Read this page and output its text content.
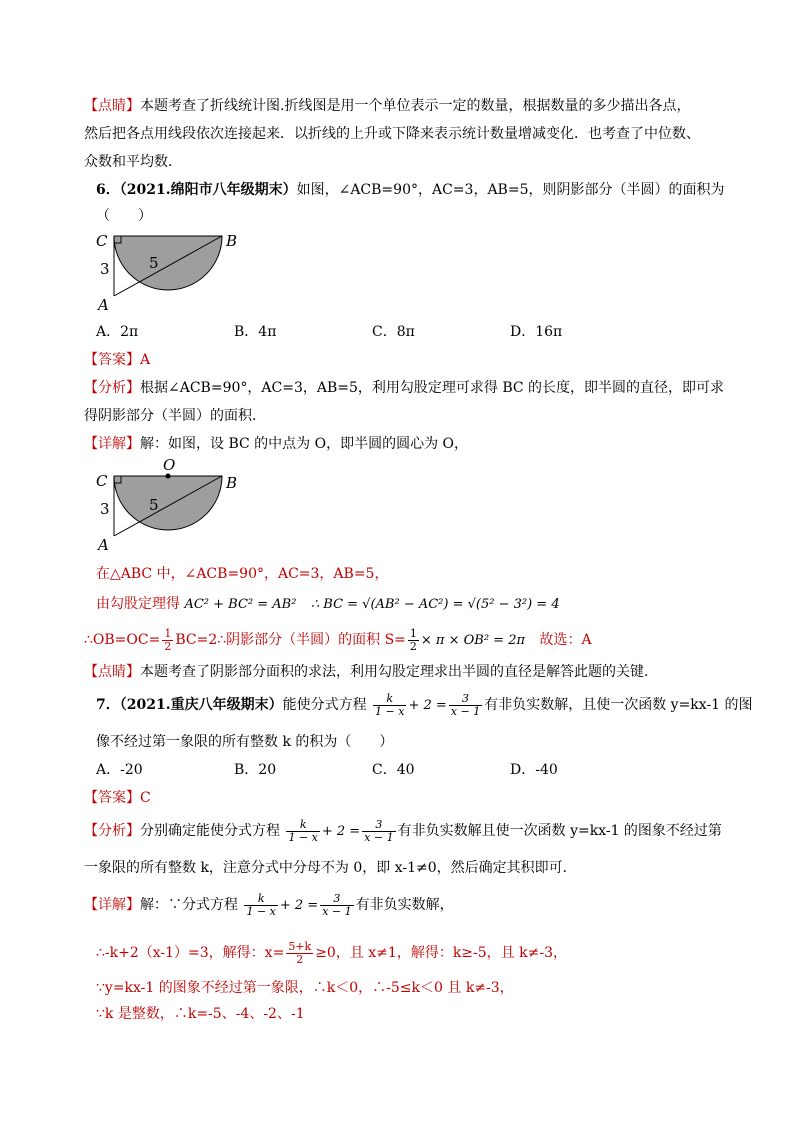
【点睛】本题考查了折线统计图.折线图是用一个单位表示一定的数量，根据数量的多少描出各点，
然后把各点用线段依次连接起来．以折线的上升或下降来表示统计数量增减变化．也考查了中位数、
众数和平均数．
6．（2021.绵阳市八年级期末）如图，∠ACB=90°，AC=3，AB=5，则阴影部分（半圆）的面积为
（　　）
C	B
A
3	5
A．2π	B．4π	C．8π	D．16π
【答案】A
【分析】根据∠ACB=90°，AC=3，AB=5，利用勾股定理可求得 BC 的长度，即半圆的直径，即可求
得阴影部分（半圆）的面积．
【详解】解：如图，设 BC 的中点为 O，即半圆的圆心为 O，
O
C	B
A
3	5
在△ABC 中，∠ACB=90°，AC=3，AB=5，
由勾股定理得 AC² + BC² = AB² ∴ BC = √(AB² − AC²) = √(5² − 3²) = 4
∴OB=OC= $\frac{1}{2}$ BC=2∴阴影部分（半圆）的面积 $S= \frac{1}{2} \times \pi \times OB^2 = 2\pi$ 故选：A
【点睛】本题考查了阴影部分面积的求法，利用勾股定理求出半圆的直径是解答此题的关键．
7．（2021.重庆八年级期末）能使分式方程 $\frac{k}{1 - x} + 2 = \frac{3}{x - 1}$ 有非负实数解，且使一次函数 y=kx-1 的图
像不经过第一象限的所有整数 k 的积为（　　）
A．-20	B．20	C．40	D．-40
【答案】C
【分析】分别确定能使分式方程 $\frac{k}{1 - x} + 2 = \frac{3}{x - 1}$ 有非负实数解且使一次函数 y=kx-1 的图象不经过第
一象限的所有整数 k，注意分式中分母不为 0，即 x-1≠0，然后确定其积即可．
【详解】解：∵分式方程 $\frac{k}{1 - x} + 2 = \frac{3}{x - 1}$ 有非负实数解，
∴-k+2（x-1）=3，解得：$x= \frac{5+k}{2} \ge 0$，且 x≠1，解得：k≥-5，且 k≠-3，
∵y=kx-1 的图象不经过第一象限，∴k＜0，∴-5≤k＜0 且 k≠-3，
∵k 是整数，∴k=-5、-4、-2、-1
